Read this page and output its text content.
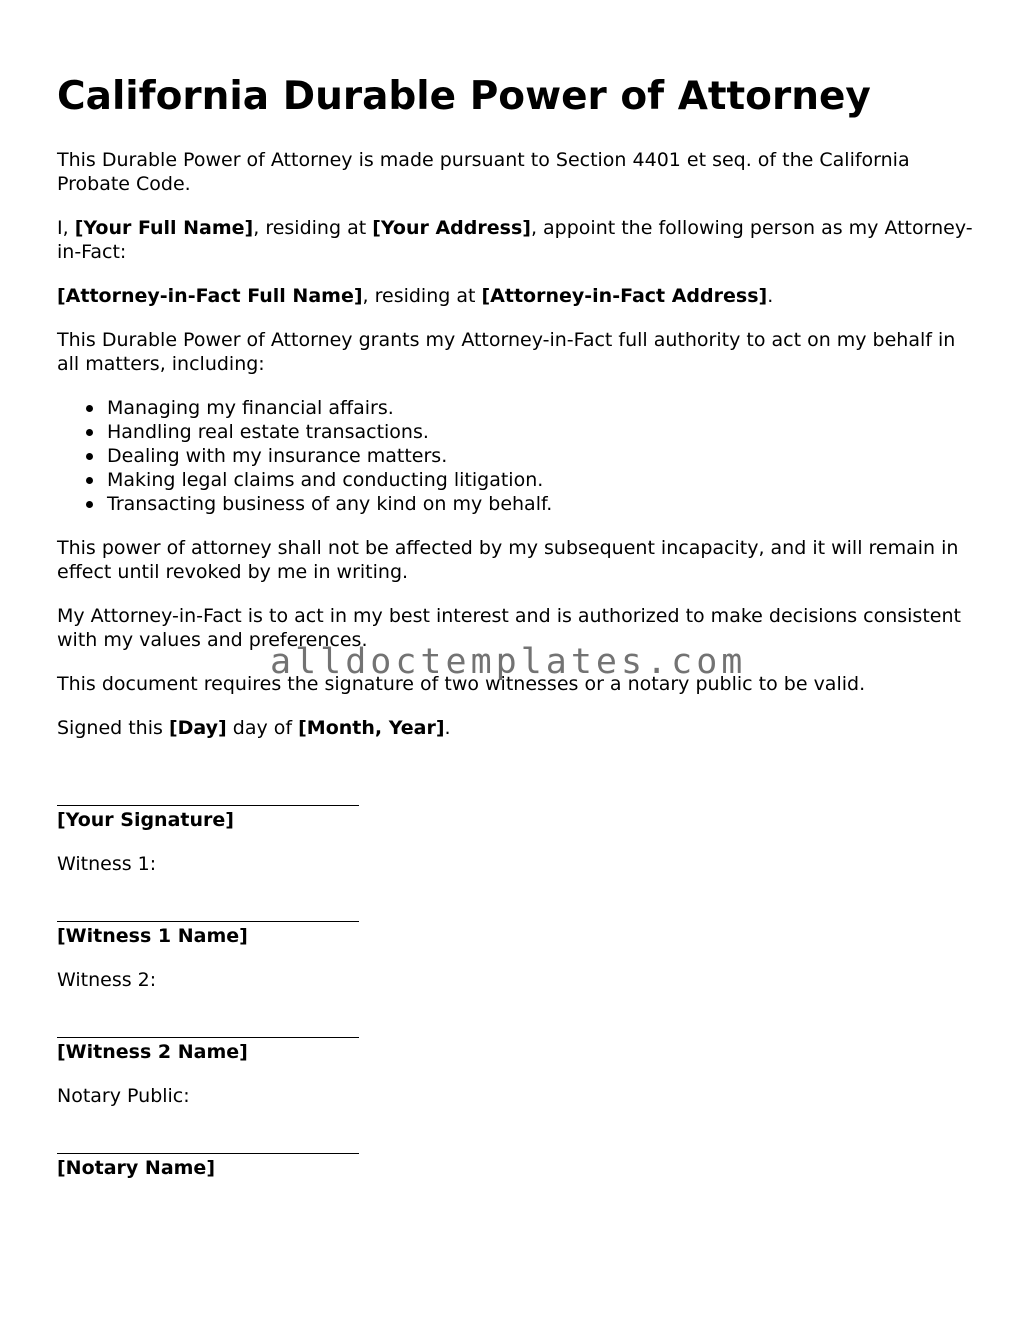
California Durable Power of Attorney

This Durable Power of Attorney is made pursuant to Section 4401 et seq. of the California Probate Code.

I, [Your Full Name], residing at [Your Address], appoint the following person as my Attorney-in-Fact:

[Attorney-in-Fact Full Name], residing at [Attorney-in-Fact Address].

This Durable Power of Attorney grants my Attorney-in-Fact full authority to act on my behalf in all matters, including:

Managing my financial affairs.
Handling real estate transactions.
Dealing with my insurance matters.
Making legal claims and conducting litigation.
Transacting business of any kind on my behalf.

This power of attorney shall not be affected by my subsequent incapacity, and it will remain in effect until revoked by me in writing.

My Attorney-in-Fact is to act in my best interest and is authorized to make decisions consistent with my values and preferences.

This document requires the signature of two witnesses or a notary public to be valid.

Signed this [Day] day of [Month, Year].

[Your Signature]
Witness 1:
[Witness 1 Name]
Witness 2:
[Witness 2 Name]
Notary Public:
[Notary Name]
alldoctemplates.com
